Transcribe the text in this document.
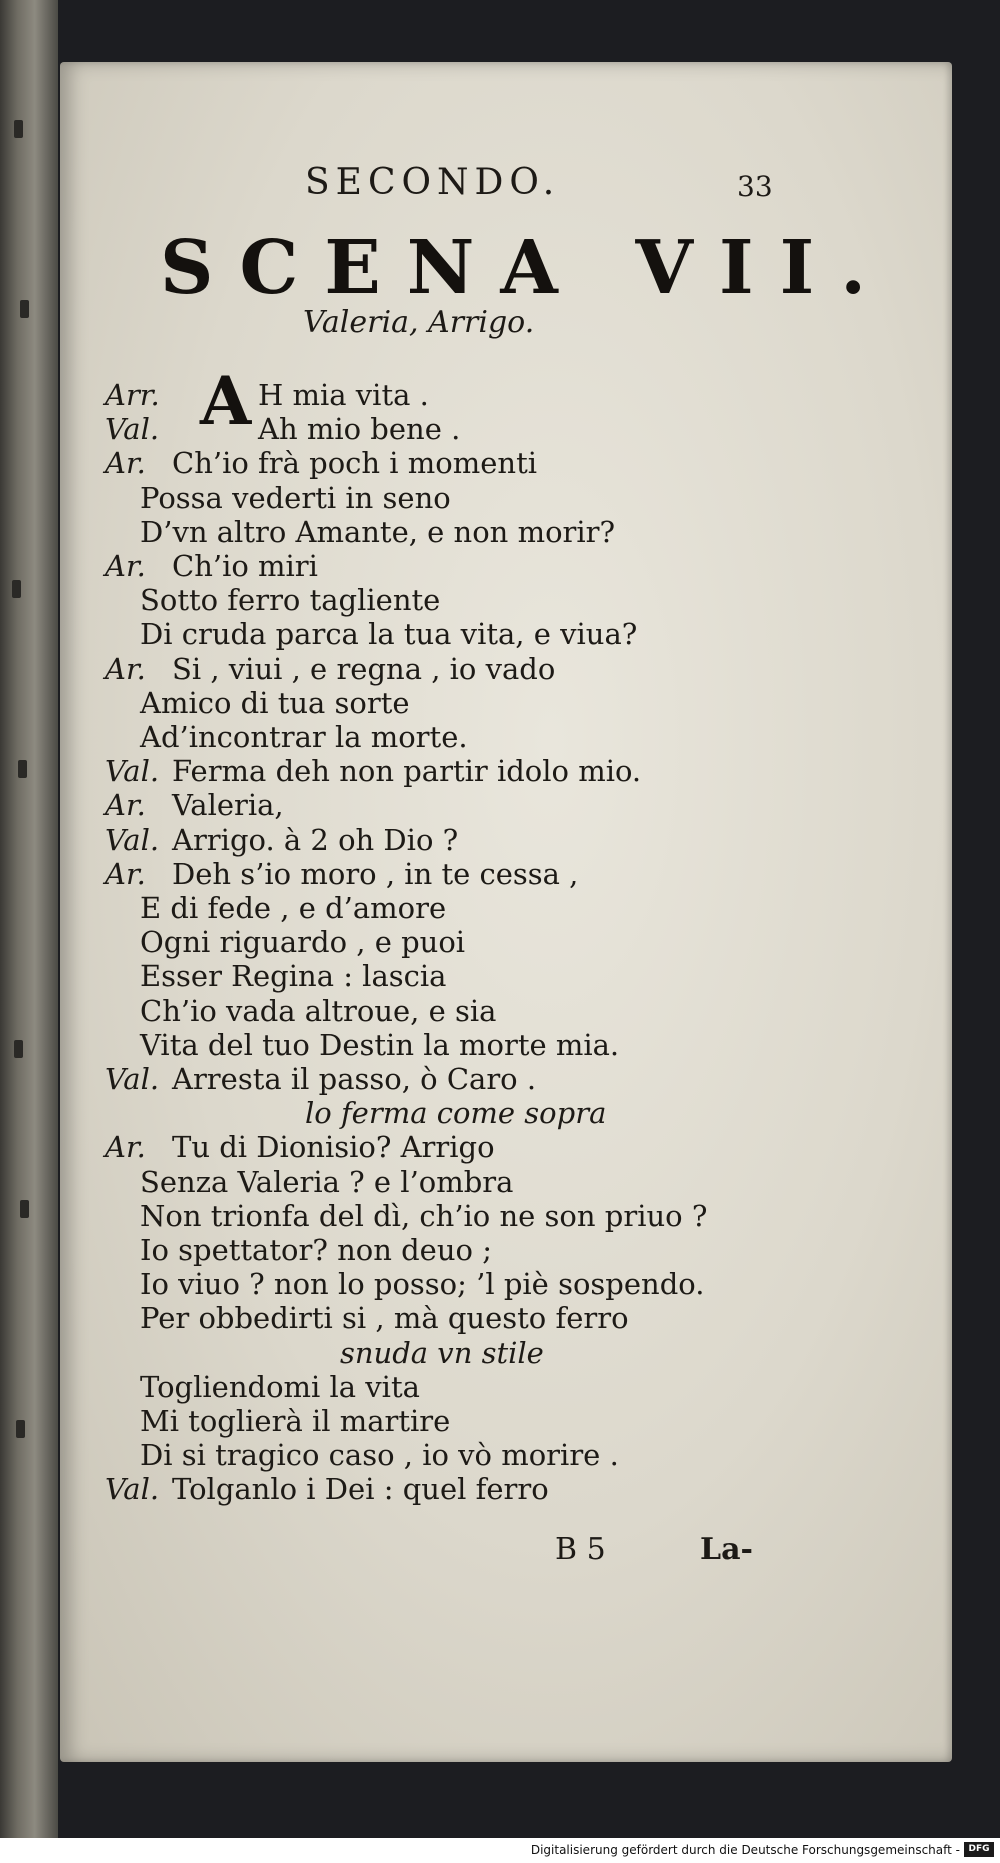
SECONDO.	33
SCENA VII.
Valeria, Arrigo.
A
Arr.	H mia vita .
Val.	Ah mio bene .
Ar. Ch’io frà poch i momenti
Possa vederti in seno
D’vn altro Amante, e non morir?
Ar. Ch’io miri
Sotto ferro tagliente
Di cruda parca la tua vita, e viua?
Ar. Si , viui , e regna , io vado
Amico di tua sorte
Ad’incontrar la morte.
Val. Ferma deh non partir idolo mio.
Ar. Valeria,
Val. Arrigo. à 2 oh Dio ?
Ar. Deh s’io moro , in te cessa ,
E di fede , e d’amore
Ogni riguardo , e puoi
Esser Regina : lascia
Ch’io vada altroue, e sia
Vita del tuo Destin la morte mia.
Val. Arresta il passo, ò Caro .
lo ferma come sopra
Ar. Tu di Dionisio? Arrigo
Senza Valeria ? e l’ombra
Non trionfa del dì, ch’io ne son priuo ?
Io spettator? non deuo ;
Io viuo ? non lo posso; ’l piè sospendo.
Per obbedirti si , mà questo ferro
snuda vn stile
Togliendomi la vita
Mi toglierà il martire
Di si tragico caso , io vò morire .
Val. Tolganlo i Dei : quel ferro
B 5	La-
Digitalisierung gefördert durch die Deutsche Forschungsgemeinschaft - DFG
